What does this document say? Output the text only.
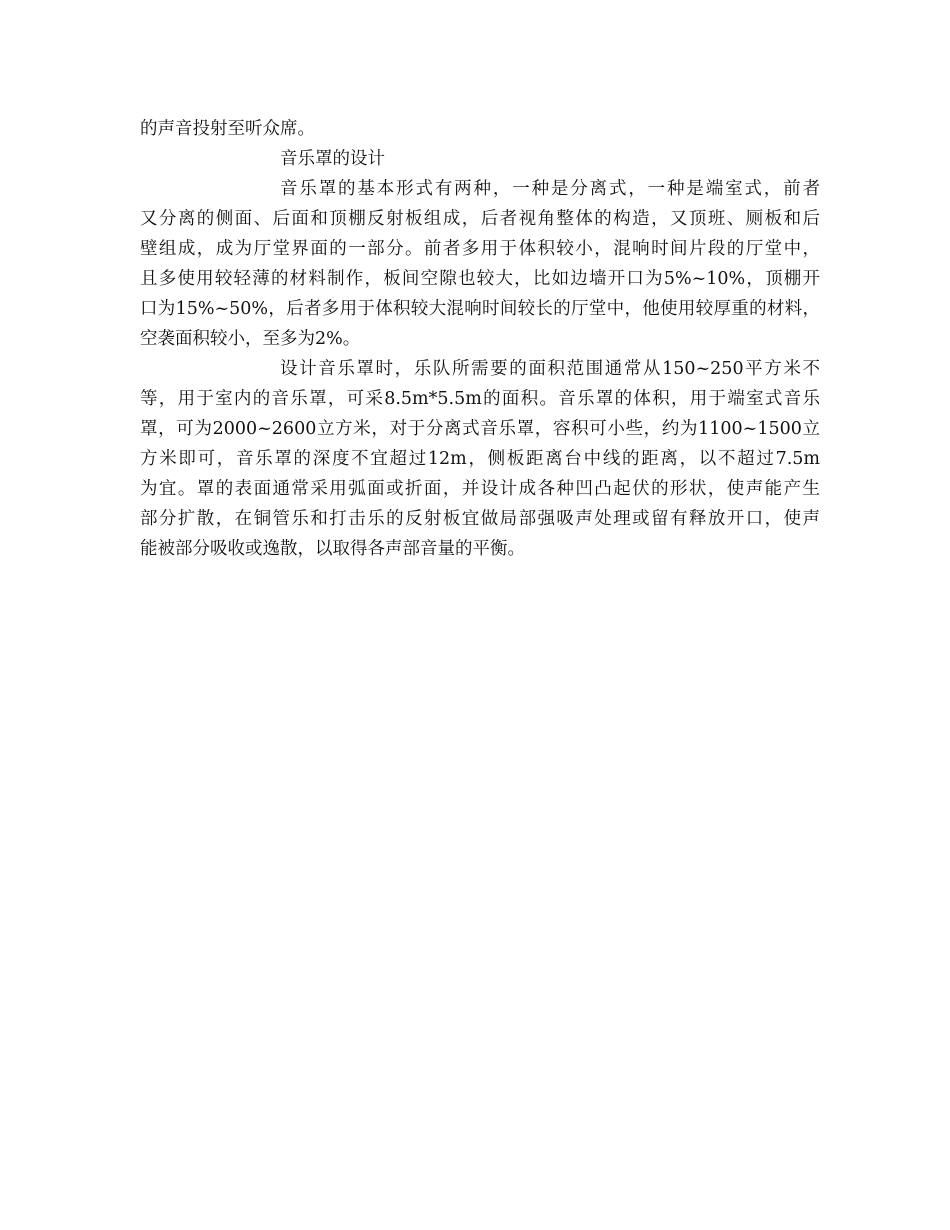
的声音投射至听众席。
音乐罩的设计
音乐罩的基本形式有两种，一种是分离式，一种是端室式，前者
又分离的侧面、后面和顶棚反射板组成，后者视角整体的构造，又顶班、厕板和后
壁组成，成为厅堂界面的一部分。前者多用于体积较小，混响时间片段的厅堂中，
且多使用较轻薄的材料制作，板间空隙也较大，比如边墙开口为5%~10%，顶棚开
口为15%~50%，后者多用于体积较大混响时间较长的厅堂中，他使用较厚重的材料，
空袭面积较小，至多为2%。
设计音乐罩时，乐队所需要的面积范围通常从150~250平方米不
等，用于室内的音乐罩，可采8.5m*5.5m的面积。音乐罩的体积，用于端室式音乐
罩，可为2000~2600立方米，对于分离式音乐罩，容积可小些，约为1100~1500立
方米即可，音乐罩的深度不宜超过12m，侧板距离台中线的距离，以不超过7.5m
为宜。罩的表面通常采用弧面或折面，并设计成各种凹凸起伏的形状，使声能产生
部分扩散，在铜管乐和打击乐的反射板宜做局部强吸声处理或留有释放开口，使声
能被部分吸收或逸散，以取得各声部音量的平衡。
